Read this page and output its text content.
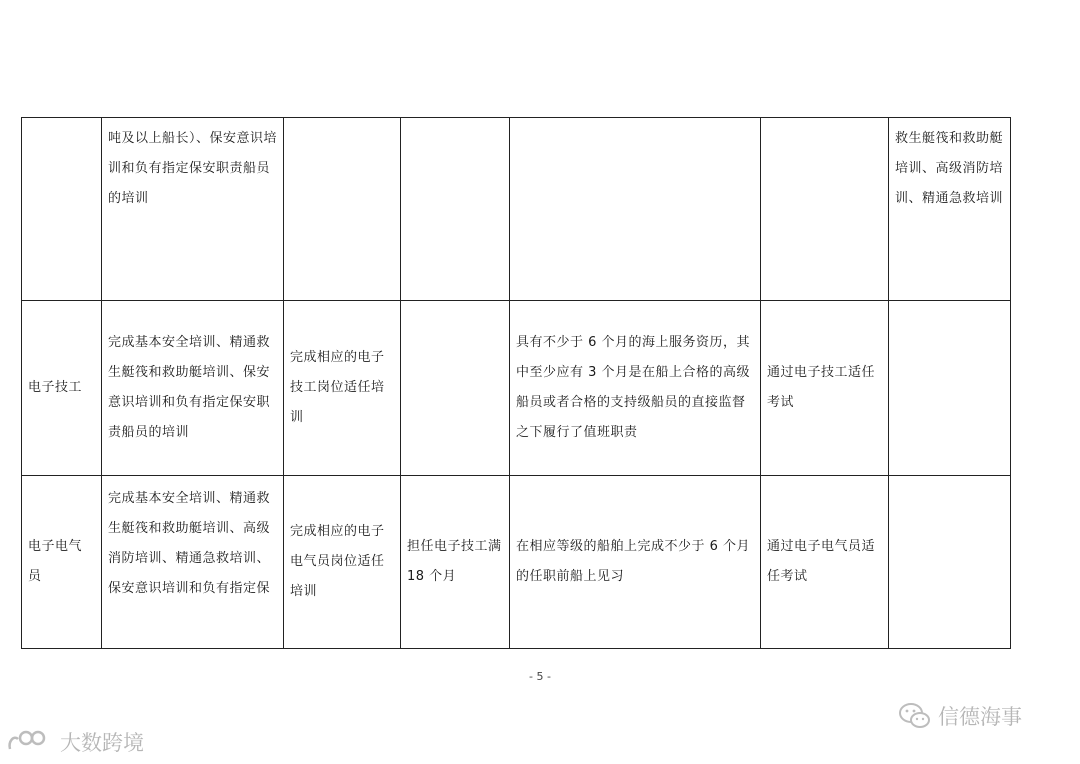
	吨及以上船长）、保安意识培训和负有指定保安职责船员的培训					救生艇筏和救助艇培训、高级消防培训、精通急救培训
电子技工	完成基本安全培训、精通救生艇筏和救助艇培训、保安意识培训和负有指定保安职责船员的培训	完成相应的电子技工岗位适任培训		具有不少于 6 个月的海上服务资历，其中至少应有 3 个月是在船上合格的高级船员或者合格的支持级船员的直接监督之下履行了值班职责	通过电子技工适任考试	
电子电气员	完成基本安全培训、精通救生艇筏和救助艇培训、高级消防培训、精通急救培训、保安意识培训和负有指定保	完成相应的电子电气员岗位适任培训	担任电子技工满 18 个月	在相应等级的船舶上完成不少于 6 个月的任职前船上见习	通过电子电气员适任考试	
- 5 -
大数跨境
信德海事
